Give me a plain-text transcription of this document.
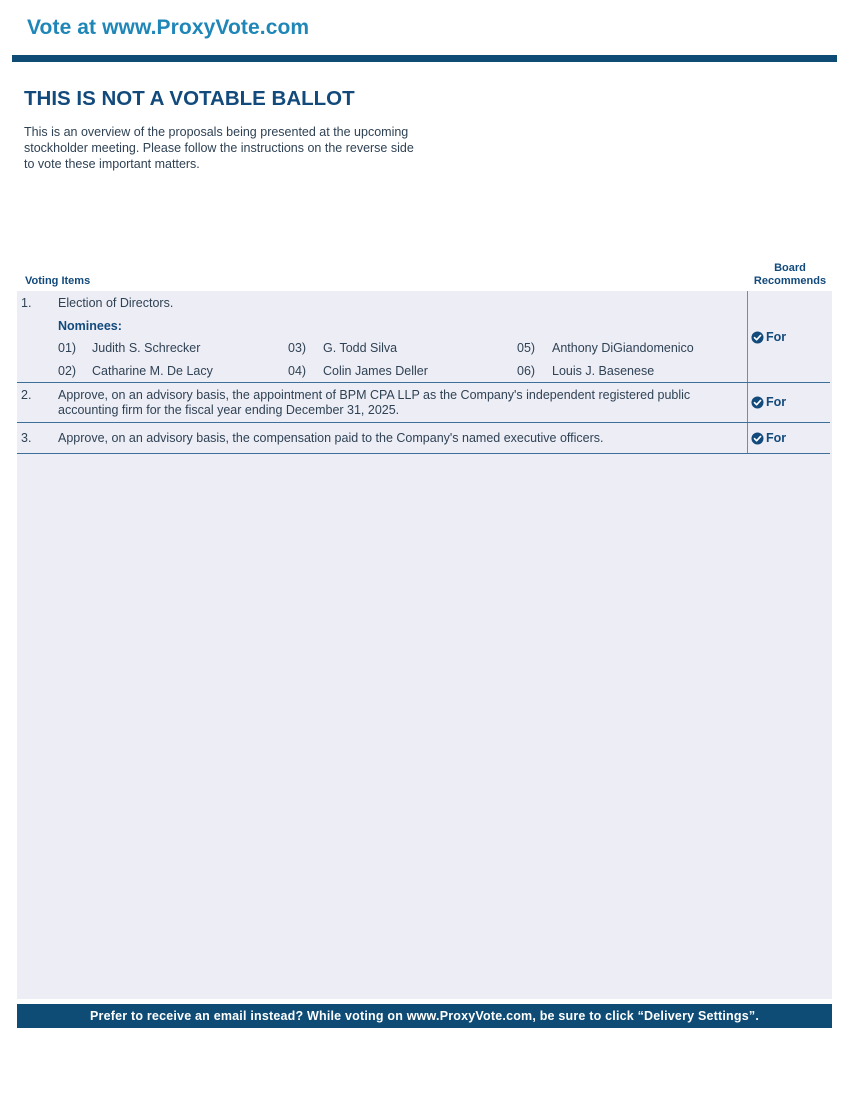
Vote at www.ProxyVote.com
THIS IS NOT A VOTABLE BALLOT
This is an overview of the proposals being presented at the upcoming stockholder meeting. Please follow the instructions on the reverse side to vote these important matters.
Voting Items
Board
Recommends
1. Election of Directors.
Nominees:
01) Judith S. Schrecker
02) Catharine M. De Lacy
03) G. Todd Silva
04) Colin James Deller
05) Anthony DiGiandomenico
06) Louis J. Basenese
For
2. Approve, on an advisory basis, the appointment of BPM CPA LLP as the Company's independent registered public
accounting firm for the fiscal year ending December 31, 2025.
For
3. Approve, on an advisory basis, the compensation paid to the Company's named executive officers.	For
Prefer to receive an email instead? While voting on www.ProxyVote.com, be sure to click “Delivery Settings”.
